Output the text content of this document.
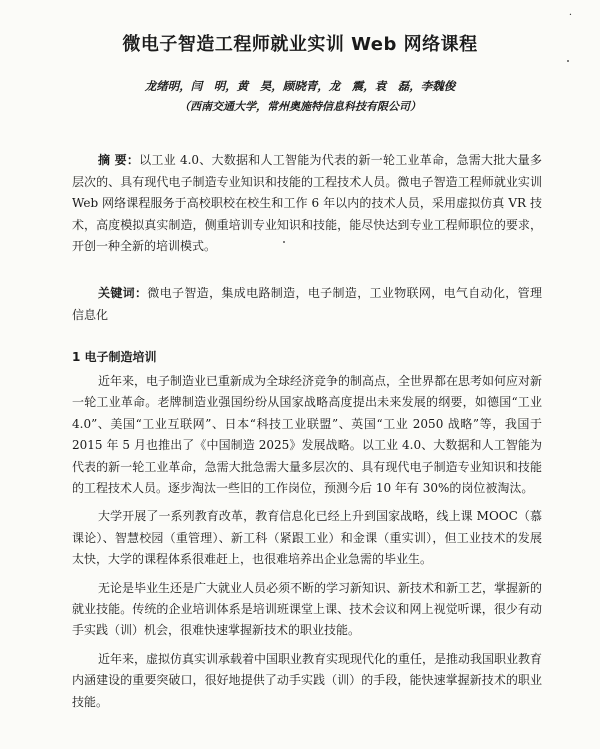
·
微电子智造工程师就业实训 Web 网络课程
龙绪明，闫　明，黄　昊，顾晓青，龙　震，袁　磊，李魏俊
（西南交通大学，常州奥施特信息科技有限公司）
摘 要：以工业 4.0、大数据和人工智能为代表的新一轮工业革命，急需大批大量多层次的、具有现代电子制造专业知识和技能的工程技术人员。微电子智造工程师就业实训 Web 网络课程服务于高校职校在校生和工作 6 年以内的技术人员，采用虚拟仿真 VR 技术，高度模拟真实制造，侧重培训专业知识和技能，能尽快达到专业工程师职位的要求，开创一种全新的培训模式。
关键词：微电子智造，集成电路制造，电子制造，工业物联网，电气自动化，管理信息化
1 电子制造培训

近年来，电子制造业已重新成为全球经济竞争的制高点，全世界都在思考如何应对新一轮工业革命。老牌制造业强国纷纷从国家战略高度提出未来发展的纲要，如德国“工业 4.0”、美国“工业互联网”、日本“科技工业联盟”、英国“工业 2050 战略”等，我国于 2015 年 5 月也推出了《中国制造 2025》发展战略。以工业 4.0、大数据和人工智能为代表的新一轮工业革命，急需大批急需大量多层次的、具有现代电子制造专业知识和技能的工程技术人员。逐步淘汰一些旧的工作岗位，预测今后 10 年有 30%的岗位被淘汰。

大学开展了一系列教育改革，教育信息化已经上升到国家战略，线上课 MOOC（慕课论）、智慧校园（重管理）、新工科（紧跟工业）和金课（重实训），但工业技术的发展太快，大学的课程体系很难赶上，也很难培养出企业急需的毕业生。

无论是毕业生还是广大就业人员必须不断的学习新知识、新技术和新工艺，掌握新的就业技能。传统的企业培训体系是培训班课堂上课、技术会议和网上视觉听课，很少有动手实践（训）机会，很难快速掌握新技术的职业技能。

近年来，虚拟仿真实训承载着中国职业教育实现现代化的重任，是推动我国职业教育内涵建设的重要突破口，很好地提供了动手实践（训）的手段，能快速掌握新技术的职业技能。
